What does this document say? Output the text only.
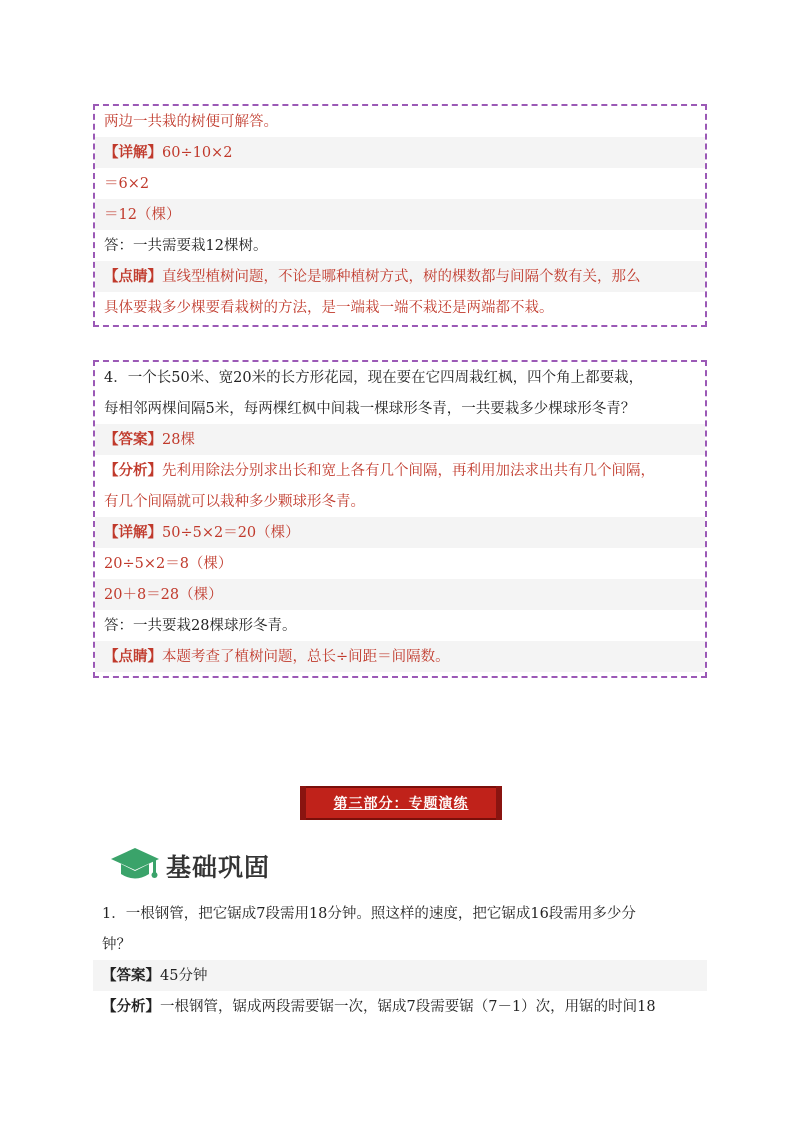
两边一共栽的树便可解答。
【详解】60÷10×2
＝6×2
＝12（棵）
答：一共需要栽12棵树。
【点睛】直线型植树问题，不论是哪种植树方式，树的棵数都与间隔个数有关，那么
具体要栽多少棵要看栽树的方法，是一端栽一端不栽还是两端都不栽。
4．一个长50米、宽20米的长方形花园，现在要在它四周栽红枫，四个角上都要栽，
每相邻两棵间隔5米，每两棵红枫中间栽一棵球形冬青，一共要栽多少棵球形冬青？
【答案】28棵
【分析】先利用除法分别求出长和宽上各有几个间隔，再利用加法求出共有几个间隔，
有几个间隔就可以栽种多少颗球形冬青。
【详解】50÷5×2＝20（棵）
20÷5×2＝8（棵）
20＋8＝28（棵）
答：一共要栽28棵球形冬青。
【点睛】本题考查了植树问题，总长÷间距＝间隔数。
第三部分：专题演练
基础巩固
1．一根钢管，把它锯成7段需用18分钟。照这样的速度，把它锯成16段需用多少分
钟？
【答案】45分钟
【分析】一根钢管，锯成两段需要锯一次，锯成7段需要锯（7－1）次，用锯的时间18
